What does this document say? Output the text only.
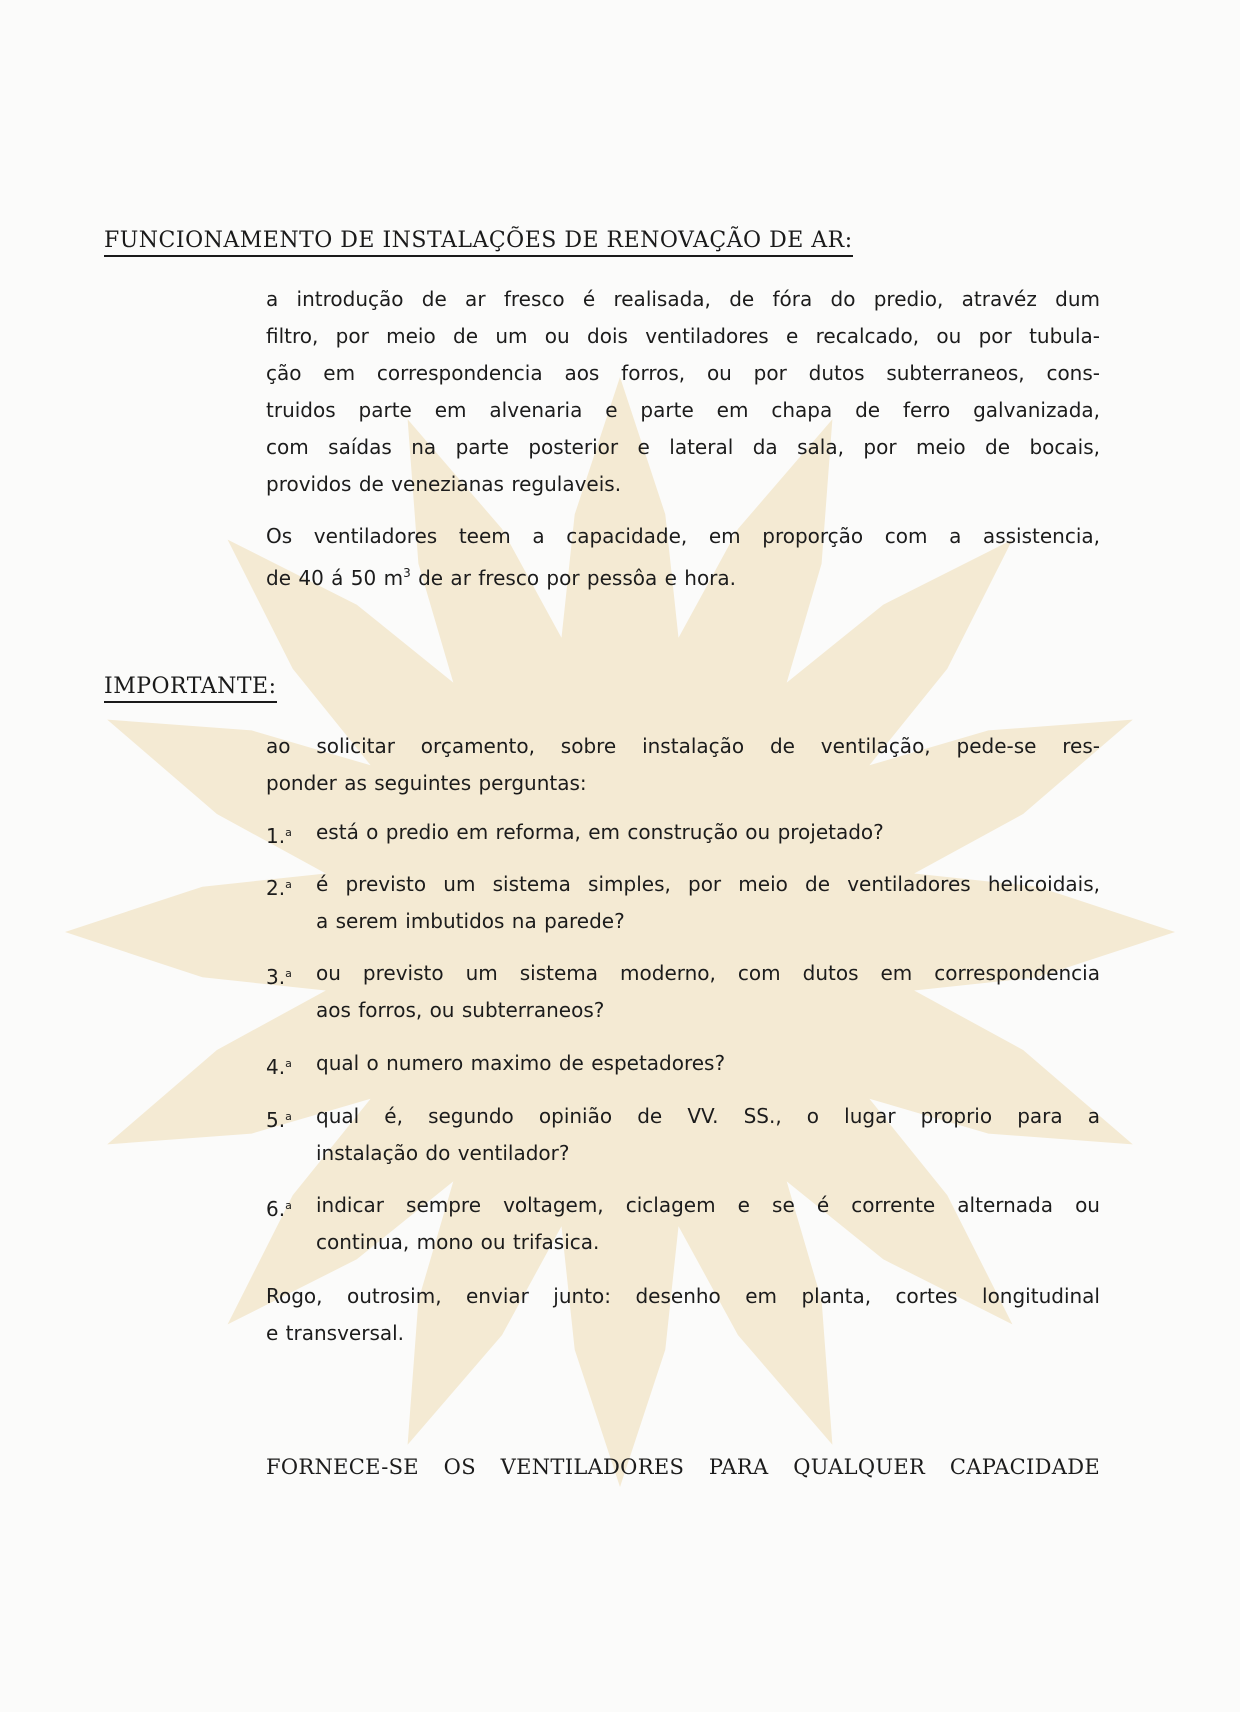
FUNCIONAMENTO DE INSTALAÇÕES DE RENOVAÇÃO DE AR:
a introdução de ar fresco é realisada, de fóra do predio, atravéz dum
filtro, por meio de um ou dois ventiladores e recalcado, ou por tubula-
ção em correspondencia aos forros, ou por dutos subterraneos, cons-
truidos parte em alvenaria e parte em chapa de ferro galvanizada,
com saídas na parte posterior e lateral da sala, por meio de bocais,
providos de venezianas regulaveis.
Os ventiladores teem a capacidade, em proporção com a assistencia,
de 40 á 50 $m^3$ de ar fresco por pessôa e hora.
IMPORTANTE:
ao solicitar orçamento, sobre instalação de ventilação, pede-se res-
ponder as seguintes perguntas:
1.$^a$ está o predio em reforma, em construção ou projetado?
2.$^a$ é previsto um sistema simples, por meio de ventiladores helicoidais,
a serem imbutidos na parede?
3.$^a$ ou previsto um sistema moderno, com dutos em correspondencia
aos forros, ou subterraneos?
4.$^a$ qual o numero maximo de espetadores?
5.$^a$ qual é, segundo opinião de VV. SS., o lugar proprio para a
instalação do ventilador?
6.$^a$ indicar sempre voltagem, ciclagem e se é corrente alternada ou
continua, mono ou trifasica.
Rogo, outrosim, enviar junto: desenho em planta, cortes longitudinal
e transversal.
FORNECE-SE OS VENTILADORES PARA QUALQUER CAPACIDADE
